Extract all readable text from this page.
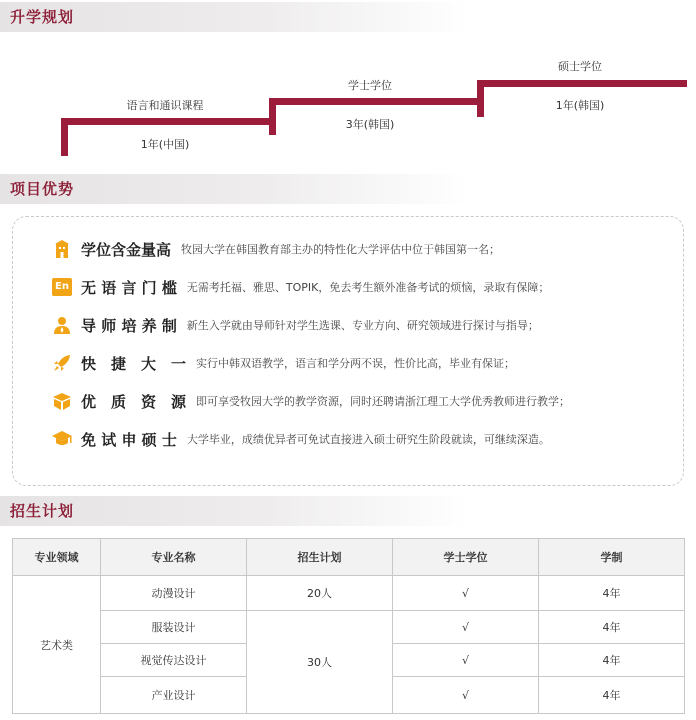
升学规划
语言和通识课程
1年(中国)
学士学位
3年(韩国)
硕士学位
1年(韩国)
项目优势
学位含金量高 牧园大学在韩国教育部主办的特性化大学评估中位于韩国第一名；
En 无 语 言 门 槛 无需考托福、雅思、TOPIK，免去考生额外准备考试的烦恼，录取有保障；
导 师 培 养 制 新生入学就由导师针对学生选课、专业方向、研究领域进行探讨与指导；
快　捷　大　一 实行中韩双语教学，语言和学分两不误，性价比高，毕业有保证；
优　质　资　源 即可享受牧园大学的教学资源，同时还聘请浙江理工大学优秀教师进行教学；
免 试 申 硕 士 大学毕业，成绩优异者可免试直接进入硕士研究生阶段就读，可继续深造。
招生计划
专业领域	专业名称	招生计划	学士学位	学制
艺术类	动漫设计	20人	√	4年
	服装设计	30人	√	4年
	视觉传达设计		√	4年
	产业设计		√	4年
